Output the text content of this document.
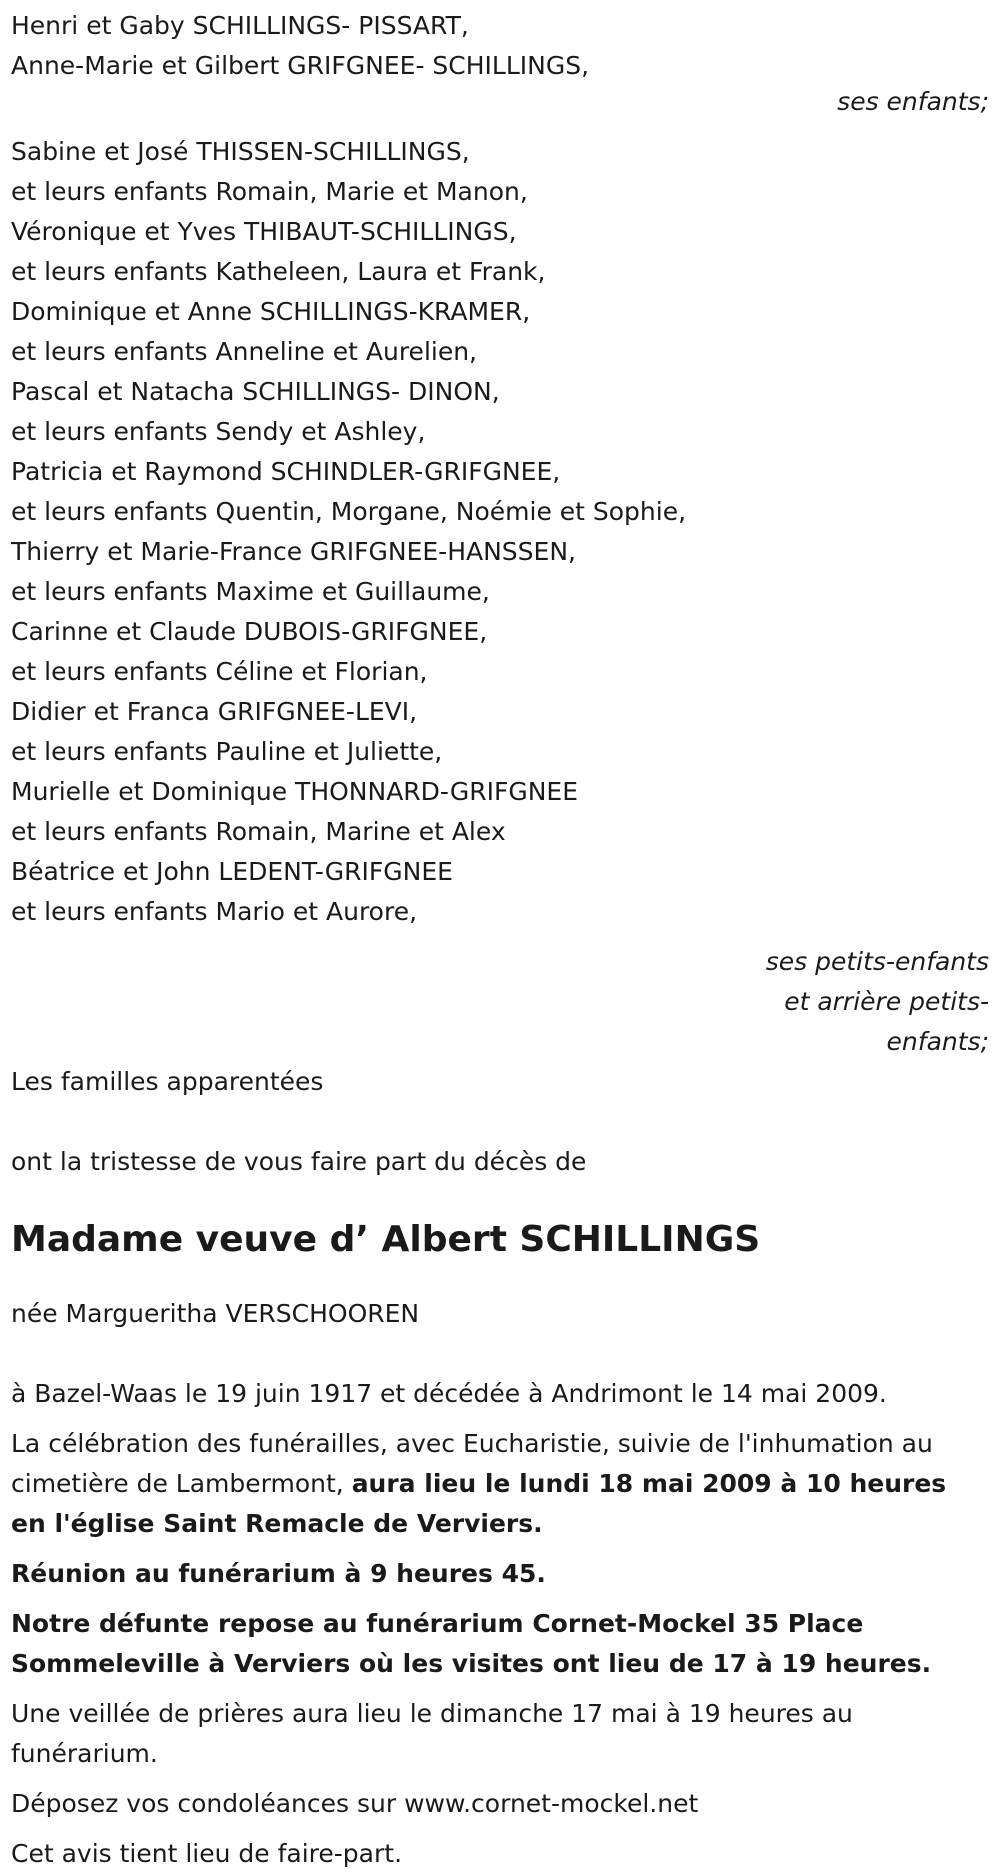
Henri et Gaby SCHILLINGS- PISSART,
Anne-Marie et Gilbert GRIFGNEE- SCHILLINGS,
ses enfants;
Sabine et José THISSEN-SCHILLINGS,
et leurs enfants Romain, Marie et Manon,
Véronique et Yves THIBAUT-SCHILLINGS,
et leurs enfants Katheleen, Laura et Frank,
Dominique et Anne SCHILLINGS-KRAMER,
et leurs enfants Anneline et Aurelien,
Pascal et Natacha SCHILLINGS- DINON,
et leurs enfants Sendy et Ashley,
Patricia et Raymond SCHINDLER-GRIFGNEE,
et leurs enfants Quentin, Morgane, Noémie et Sophie,
Thierry et Marie-France GRIFGNEE-HANSSEN,
et leurs enfants Maxime et Guillaume,
Carinne et Claude DUBOIS-GRIFGNEE,
et leurs enfants Céline et Florian,
Didier et Franca GRIFGNEE-LEVI,
et leurs enfants Pauline et Juliette,
Murielle et Dominique THONNARD-GRIFGNEE
et leurs enfants Romain, Marine et Alex
Béatrice et John LEDENT-GRIFGNEE
et leurs enfants Mario et Aurore,
ses petits-enfants
et arrière petits-
enfants;
Les familles apparentées
ont la tristesse de vous faire part du décès de
Madame veuve d’ Albert SCHILLINGS
née Margueritha VERSCHOOREN

à Bazel-Waas le 19 juin 1917 et décédée à Andrimont le 14 mai 2009.

La célébration des funérailles, avec Eucharistie, suivie de l'inhumation au cimetière de Lambermont, aura lieu le lundi 18 mai 2009 à 10 heures en l'église Saint Remacle de Verviers.

Réunion au funérarium à 9 heures 45.

Notre défunte repose au funérarium Cornet-Mockel 35 Place Sommeleville à Verviers où les visites ont lieu de 17 à 19 heures.

Une veillée de prières aura lieu le dimanche 17 mai à 19 heures au funérarium.

Déposez vos condoléances sur www.cornet-mockel.net

Cet avis tient lieu de faire-part.
